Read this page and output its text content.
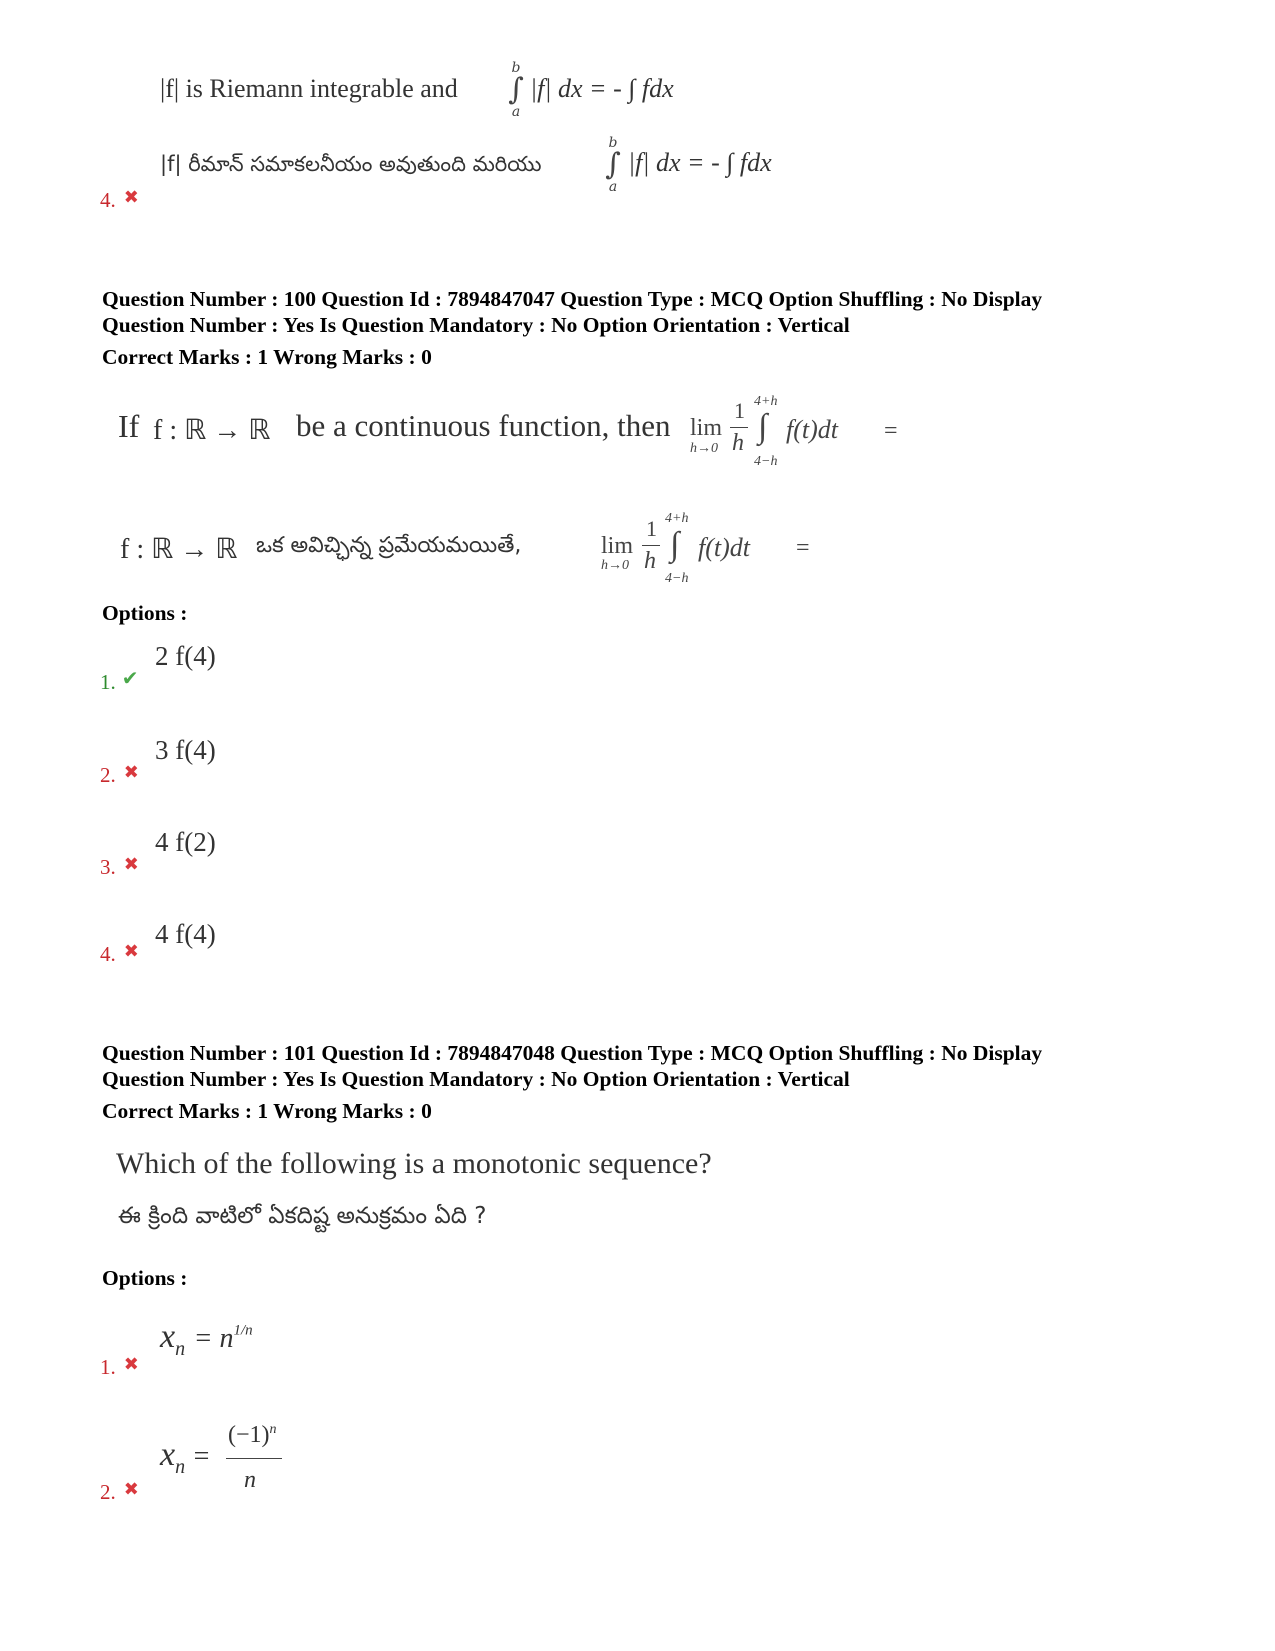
|f| is Riemann integrable and
b
∫
a
|f| dx = - ∫ fdx
|f| రీమాన్ సమాకలనీయం అవుతుంది మరియు
b
∫
a
|f| dx = - ∫ fdx
4. ✖
Question Number : 100 Question Id : 7894847047 Question Type : MCQ Option Shuffling : No Display
Question Number : Yes Is Question Mandatory : No Option Orientation : Vertical
Correct Marks : 1 Wrong Marks : 0
If f : ℝ → ℝ be a continuous function, then lim
h→0
1
h
4+h
∫
4−h
f(t)dt =
f : ℝ → ℝ ఒక అవిచ్ఛిన్న ప్రమేయమయితే,	lim
h→0
1
h
4+h
∫
4−h
f(t)dt =
Options :
2 f(4)
1. ✔
3 f(4)
2. ✖
4 f(2)
3. ✖
4 f(4)
4. ✖
Question Number : 101 Question Id : 7894847048 Question Type : MCQ Option Shuffling : No Display
Question Number : Yes Is Question Mandatory : No Option Orientation : Vertical
Correct Marks : 1 Wrong Marks : 0
Which of the following is a monotonic sequence?
ఈ క్రింది వాటిలో ఏకదిష్ట అనుక్రమం ఏది ?
Options :
$x_n = n^{1/n}$
1. ✖
$x_n$ =
$(-1)^n$
n
2. ✖
